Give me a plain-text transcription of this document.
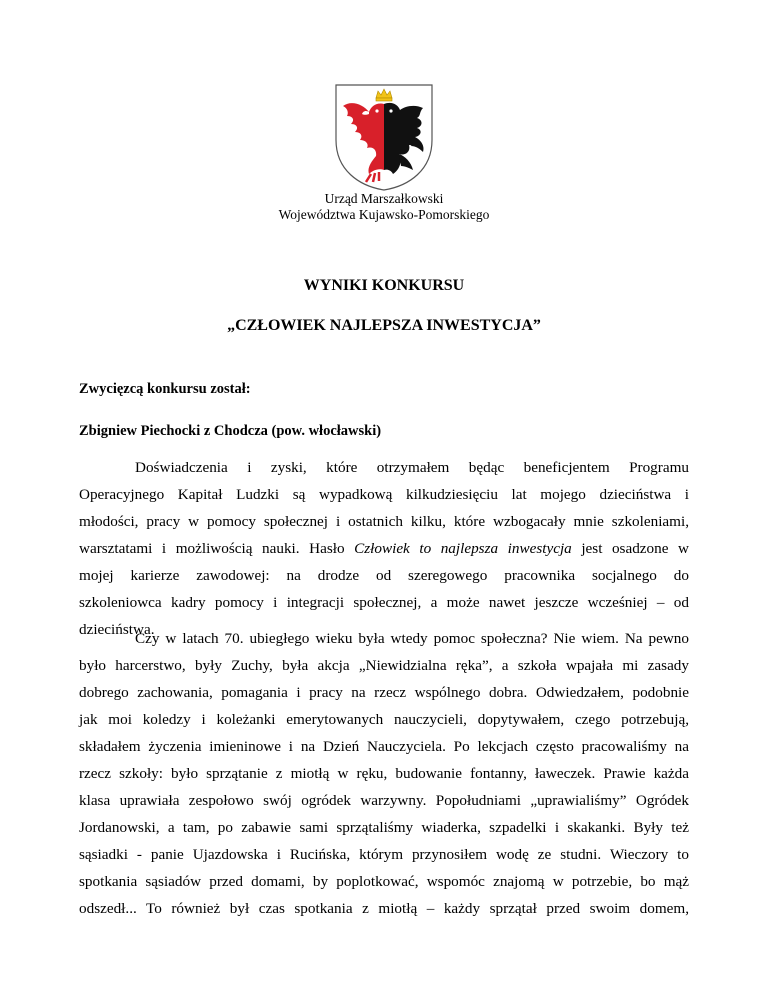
Urząd Marszałkowski
Województwa Kujawsko-Pomorskiego
WYNIKI KONKURSU
„CZŁOWIEK NAJLEPSZA INWESTYCJA”
Zwycięzcą konkursu został:
Zbigniew Piechocki z Chodcza (pow. włocławski)
Doświadczenia i zyski, które otrzymałem będąc beneficjentem Programu
Operacyjnego Kapitał Ludzki są wypadkową kilkudziesięciu lat mojego dzieciństwa i
młodości, pracy w pomocy społecznej i ostatnich kilku, które wzbogacały mnie szkoleniami,
warsztatami i możliwością nauki. Hasło Człowiek to najlepsza inwestycja jest osadzone w
mojej karierze zawodowej: na drodze od szeregowego pracownika socjalnego do
szkoleniowca kadry pomocy i integracji społecznej, a może nawet jeszcze wcześniej – od
dzieciństwa.
Czy w latach 70. ubiegłego wieku była wtedy pomoc społeczna? Nie wiem. Na pewno
było harcerstwo, były Zuchy, była akcja „Niewidzialna ręka”, a szkoła wpajała mi zasady
dobrego zachowania, pomagania i pracy na rzecz wspólnego dobra. Odwiedzałem, podobnie
jak moi koledzy i koleżanki emerytowanych nauczycieli, dopytywałem, czego potrzebują,
składałem życzenia imieninowe i na Dzień Nauczyciela. Po lekcjach często pracowaliśmy na
rzecz szkoły: było sprzątanie z miotłą w ręku, budowanie fontanny, ławeczek. Prawie każda
klasa uprawiała zespołowo swój ogródek warzywny. Popołudniami „uprawialiśmy” Ogródek
Jordanowski, a tam, po zabawie sami sprzątaliśmy wiaderka, szpadelki i skakanki. Były też
sąsiadki - panie Ujazdowska i Rucińska, którym przynosiłem wodę ze studni. Wieczory to
spotkania sąsiadów przed domami, by poplotkować, wspomóc znajomą w potrzebie, bo mąż
odszedł... To również był czas spotkania z miotłą – każdy sprzątał przed swoim domem,
